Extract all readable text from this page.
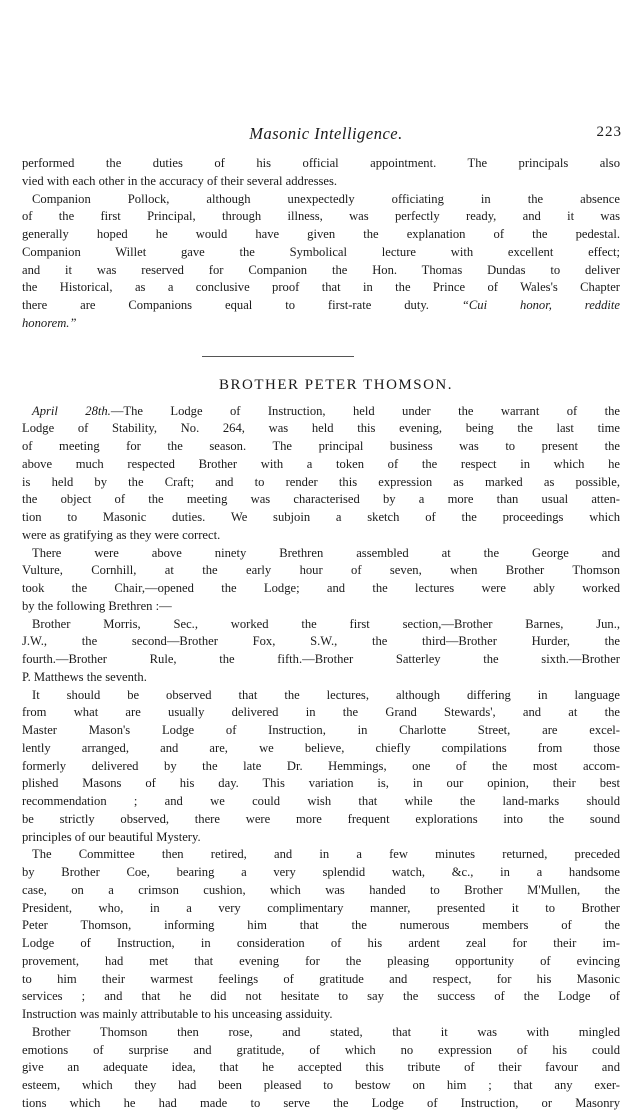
Masonic Intelligence.	223
performed the duties of his official appointment. The principals also
vied with each other in the accuracy of their several addresses.
Companion Pollock, although unexpectedly officiating in the absence
of the first Principal, through illness, was perfectly ready, and it was
generally hoped he would have given the explanation of the pedestal.
Companion Willet gave the Symbolical lecture with excellent effect;
and it was reserved for Companion the Hon. Thomas Dundas to deliver
the Historical, as a conclusive proof that in the Prince of Wales's Chapter
there are Companions equal to first-rate duty. “Cui honor, reddite
honorem.”
BROTHER PETER THOMSON.
April 28th.—The Lodge of Instruction, held under the warrant of the
Lodge of Stability, No. 264, was held this evening, being the last time
of meeting for the season. The principal business was to present the
above much respected Brother with a token of the respect in which he
is held by the Craft; and to render this expression as marked as possible,
the object of the meeting was characterised by a more than usual atten-
tion to Masonic duties. We subjoin a sketch of the proceedings which
were as gratifying as they were correct.
There were above ninety Brethren assembled at the George and
Vulture, Cornhill, at the early hour of seven, when Brother Thomson
took the Chair,—opened the Lodge; and the lectures were ably worked
by the following Brethren :—
Brother Morris, Sec., worked the first section,—Brother Barnes, Jun.,
J.W., the second—Brother Fox, S.W., the third—Brother Hurder, the
fourth.—Brother Rule, the fifth.—Brother Satterley the sixth.—Brother
P. Matthews the seventh.
It should be observed that the lectures, although differing in language
from what are usually delivered in the Grand Stewards', and at the
Master Mason's Lodge of Instruction, in Charlotte Street, are excel-
lently arranged, and are, we believe, chiefly compilations from those
formerly delivered by the late Dr. Hemmings, one of the most accom-
plished Masons of his day. This variation is, in our opinion, their best
recommendation ; and we could wish that while the land-marks should
be strictly observed, there were more frequent explorations into the sound
principles of our beautiful Mystery.
The Committee then retired, and in a few minutes returned, preceded
by Brother Coe, bearing a very splendid watch, &c., in a handsome
case, on a crimson cushion, which was handed to Brother M'Mullen, the
President, who, in a very complimentary manner, presented it to Brother
Peter Thomson, informing him that the numerous members of the
Lodge of Instruction, in consideration of his ardent zeal for their im-
provement, had met that evening for the pleasing opportunity of evincing
to him their warmest feelings of gratitude and respect, for his Masonic
services ; and that he did not hesitate to say the success of the Lodge of
Instruction was mainly attributable to his unceasing assiduity.
Brother Thomson then rose, and stated, that it was with mingled
emotions of surprise and gratitude, of which no expression of his could
give an adequate idea, that he accepted this tribute of their favour and
esteem, which they had been pleased to bestow on him ; that any exer-
tions which he had made to serve the Lodge of Instruction, or Masonry
